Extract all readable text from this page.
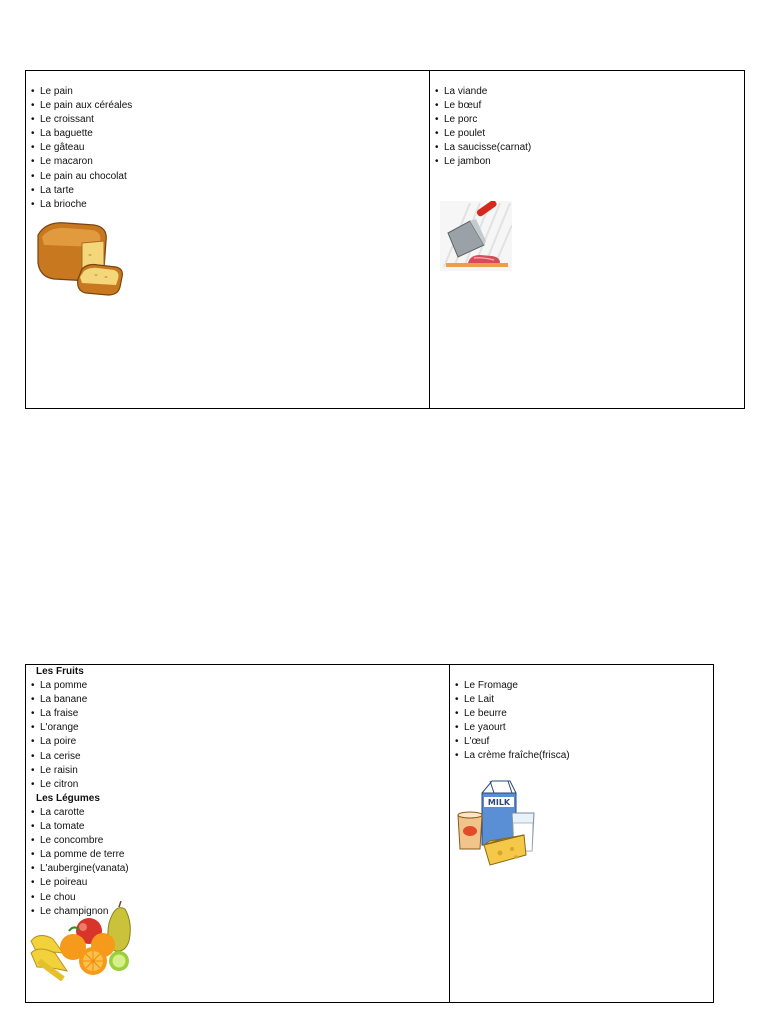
• Le pain
• Le pain aux céréales
• Le croissant
• La baguette
• Le gâteau
• Le macaron
• Le pain au chocolat
• La tarte
• La brioche

• La viande
• Le bœuf
• Le porc
• Le poulet
• La saucisse(carnat)
• Le jambon
Les Fruits
• La pomme
• La banane
• La fraise
• L'orange
• La poire
• La cerise
• Le raisin
• Le citron
Les Légumes
• La carotte
• La tomate
• Le concombre
• La pomme de terre
• L'aubergine(vanata)
• Le poireau
• Le chou
• Le champignon

• Le Fromage
• Le Lait
• Le beurre
• Le yaourt
• L'œuf
• La crème fraîche(frisca)
MILK
